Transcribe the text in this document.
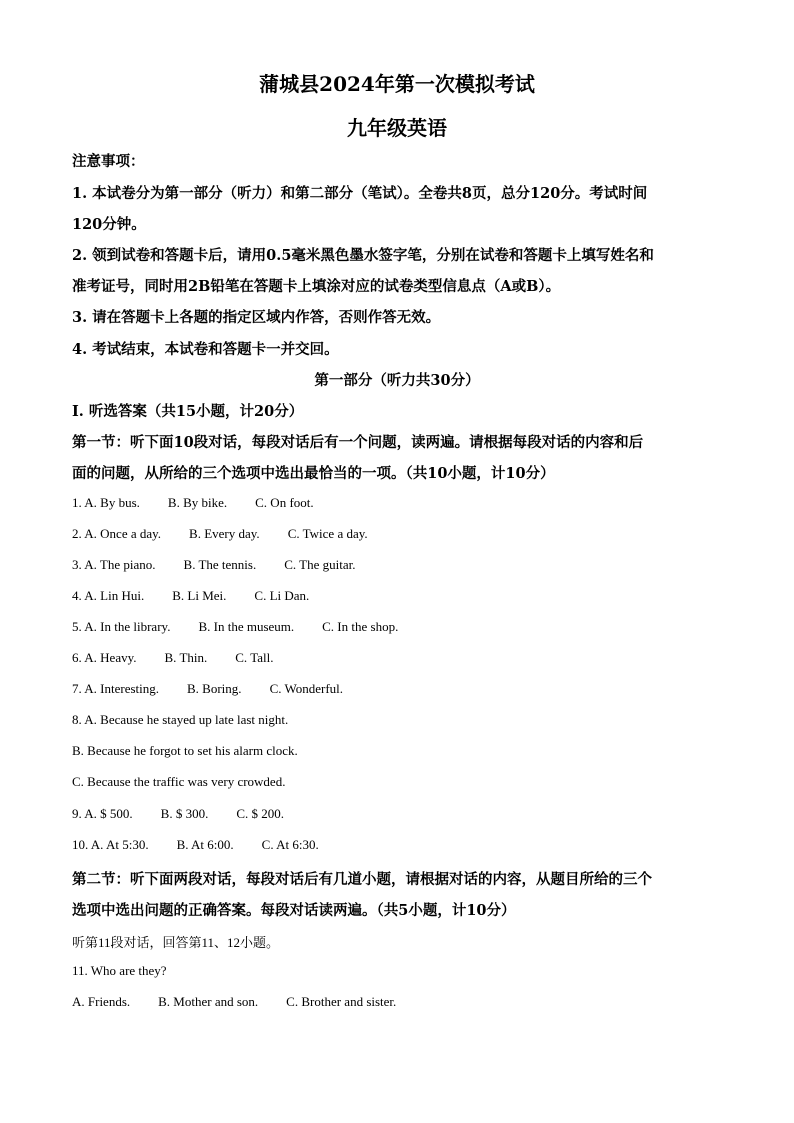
蒲城县2024年第一次模拟考试
九年级英语
注意事项：
1. 本试卷分为第一部分（听力）和第二部分（笔试）。全卷共8页，总分120分。考试时间
120分钟。
2. 领到试卷和答题卡后，请用0.5毫米黑色墨水签字笔，分别在试卷和答题卡上填写姓名和
准考证号，同时用2B铅笔在答题卡上填涂对应的试卷类型信息点（A或B）。
3. 请在答题卡上各题的指定区域内作答，否则作答无效。
4. 考试结束，本试卷和答题卡一并交回。
第一部分（听力共30分）
I. 听选答案（共15小题，计20分）
第一节：听下面10段对话，每段对话后有一个问题，读两遍。请根据每段对话的内容和后
面的问题，从所给的三个选项中选出最恰当的一项。（共10小题，计10分）
1. A. By bus. B. By bike. C. On foot.
2. A. Once a day. B. Every day. C. Twice a day.
3. A. The piano. B. The tennis. C. The guitar.
4. A. Lin Hui. B. Li Mei. C. Li Dan.
5. A. In the library. B. In the museum. C. In the shop.
6. A. Heavy. B. Thin. C. Tall.
7. A. Interesting. B. Boring. C. Wonderful.
8. A. Because he stayed up late last night.
B. Because he forgot to set his alarm clock.
C. Because the traffic was very crowded.
9. A. $ 500. B. $ 300. C. $ 200.
10. A. At 5:30. B. At 6:00. C. At 6:30.
第二节：听下面两段对话，每段对话后有几道小题，请根据对话的内容，从题目所给的三个
选项中选出问题的正确答案。每段对话读两遍。（共5小题，计10分）
听第11段对话，回答第11、12小题。
11. Who are they?
A. Friends. B. Mother and son. C. Brother and sister.
